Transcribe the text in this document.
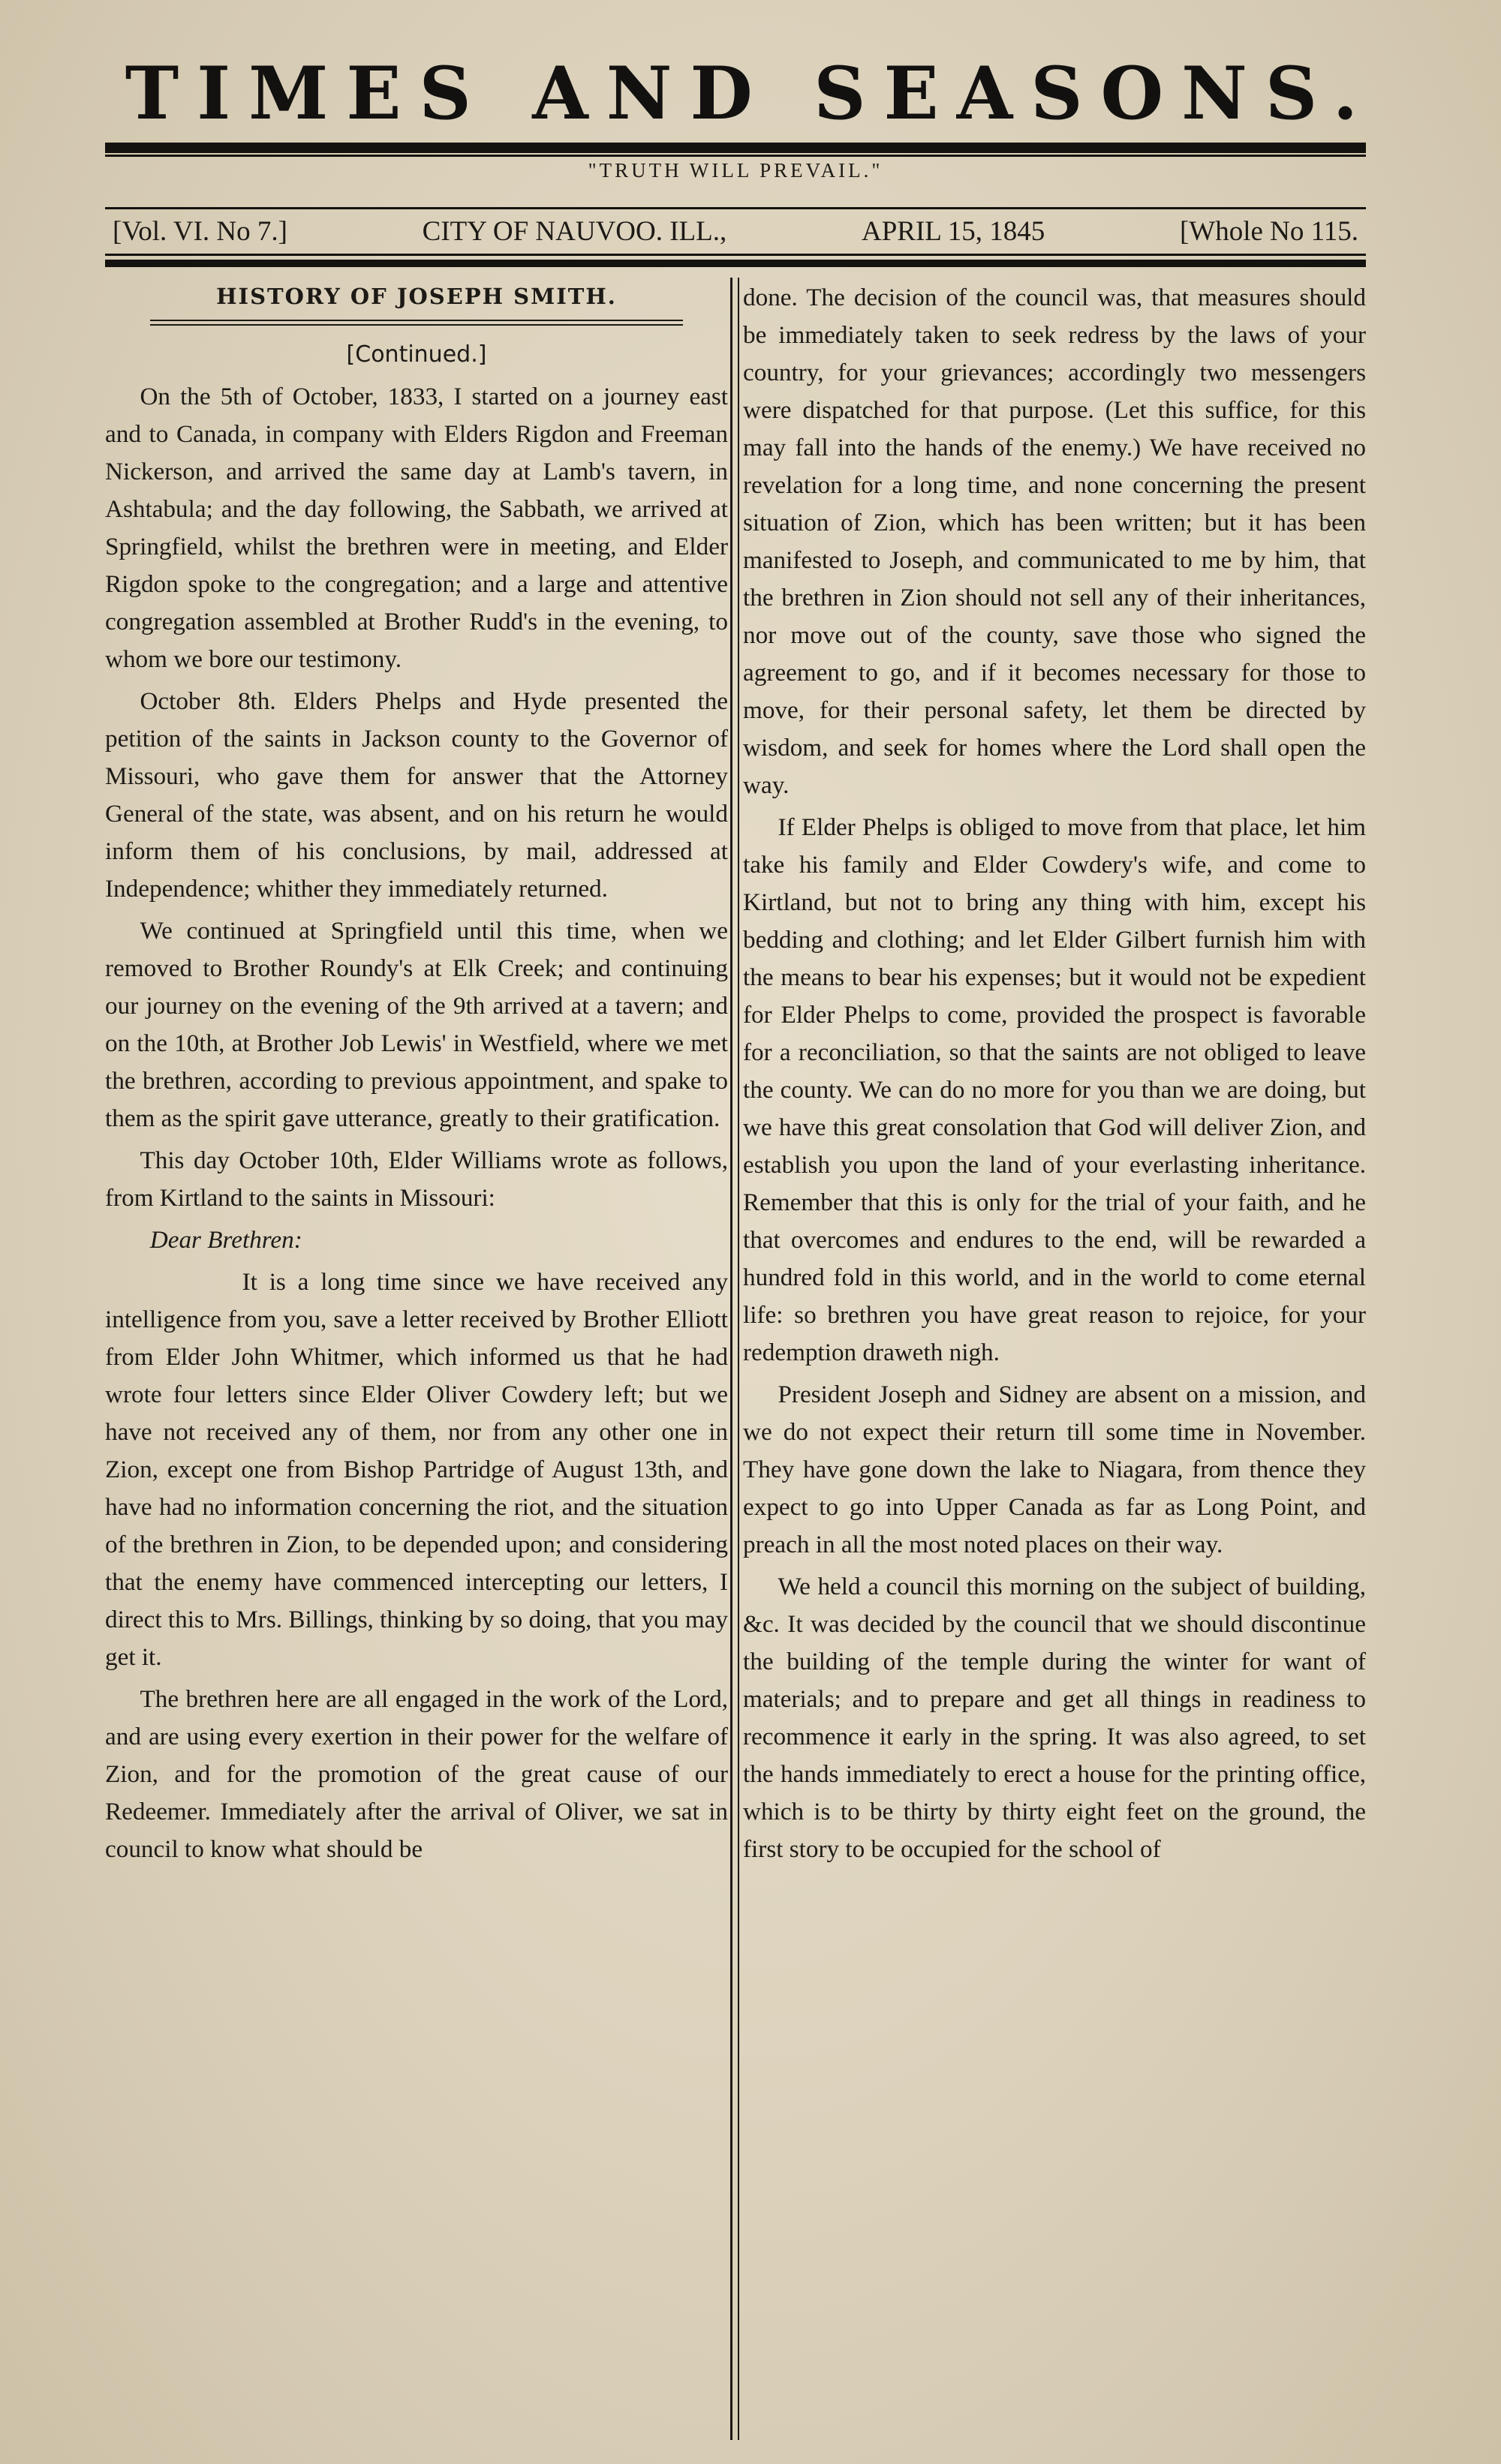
TIMES AND SEASONS.
"TRUTH WILL PREVAIL."
[Vol. VI. No 7.]	CITY OF NAUVOO. ILL.,	APRIL 15, 1845	[Whole No 115.
HISTORY OF JOSEPH SMITH.

[Continued.]

On the 5th of October, 1833, I started on a journey east and to Canada, in company with Elders Rigdon and Freeman Nickerson, and arrived the same day at Lamb's tavern, in Ashtabula; and the day following, the Sabbath, we arrived at Springfield, whilst the brethren were in meeting, and Elder Rigdon spoke to the congregation; and a large and attentive congregation assembled at Brother Rudd's in the evening, to whom we bore our testimony.

October 8th. Elders Phelps and Hyde presented the petition of the saints in Jackson county to the Governor of Missouri, who gave them for answer that the Attorney General of the state, was absent, and on his return he would inform them of his conclusions, by mail, addressed at Independence; whither they immediately returned.

We continued at Springfield until this time, when we removed to Brother Roundy's at Elk Creek; and continuing our journey on the evening of the 9th arrived at a tavern; and on the 10th, at Brother Job Lewis' in Westfield, where we met the brethren, according to previous appointment, and spake to them as the spirit gave utterance, greatly to their gratification.

This day October 10th, Elder Williams wrote as follows, from Kirtland to the saints in Missouri:

Dear Brethren:

It is a long time since we have received any intelligence from you, save a letter received by Brother Elliott from Elder John Whitmer, which informed us that he had wrote four letters since Elder Oliver Cowdery left; but we have not received any of them, nor from any other one in Zion, except one from Bishop Partridge of August 13th, and have had no information concerning the riot, and the situation of the brethren in Zion, to be depended upon; and considering that the enemy have commenced intercepting our letters, I direct this to Mrs. Billings, thinking by so doing, that you may get it.

The brethren here are all engaged in the work of the Lord, and are using every exertion in their power for the welfare of Zion, and for the promotion of the great cause of our Redeemer. Immediately after the arrival of Oliver, we sat in council to know what should be

done. The decision of the council was, that measures should be immediately taken to seek redress by the laws of your country, for your grievances; accordingly two messengers were dispatched for that purpose. (Let this suffice, for this may fall into the hands of the enemy.) We have received no revelation for a long time, and none concerning the present situation of Zion, which has been written; but it has been manifested to Joseph, and communicated to me by him, that the brethren in Zion should not sell any of their inheritances, nor move out of the county, save those who signed the agreement to go, and if it becomes necessary for those to move, for their personal safety, let them be directed by wisdom, and seek for homes where the Lord shall open the way.

If Elder Phelps is obliged to move from that place, let him take his family and Elder Cowdery's wife, and come to Kirtland, but not to bring any thing with him, except his bedding and clothing; and let Elder Gilbert furnish him with the means to bear his expenses; but it would not be expedient for Elder Phelps to come, provided the prospect is favorable for a reconciliation, so that the saints are not obliged to leave the county. We can do no more for you than we are doing, but we have this great consolation that God will deliver Zion, and establish you upon the land of your everlasting inheritance. Remember that this is only for the trial of your faith, and he that overcomes and endures to the end, will be rewarded a hundred fold in this world, and in the world to come eternal life: so brethren you have great reason to rejoice, for your redemption draweth nigh.

President Joseph and Sidney are absent on a mission, and we do not expect their return till some time in November. They have gone down the lake to Niagara, from thence they expect to go into Upper Canada as far as Long Point, and preach in all the most noted places on their way.

We held a council this morning on the subject of building, &c. It was decided by the council that we should discontinue the building of the temple during the winter for want of materials; and to prepare and get all things in readiness to recommence it early in the spring. It was also agreed, to set the hands immediately to erect a house for the printing office, which is to be thirty by thirty eight feet on the ground, the first story to be occupied for the school of
